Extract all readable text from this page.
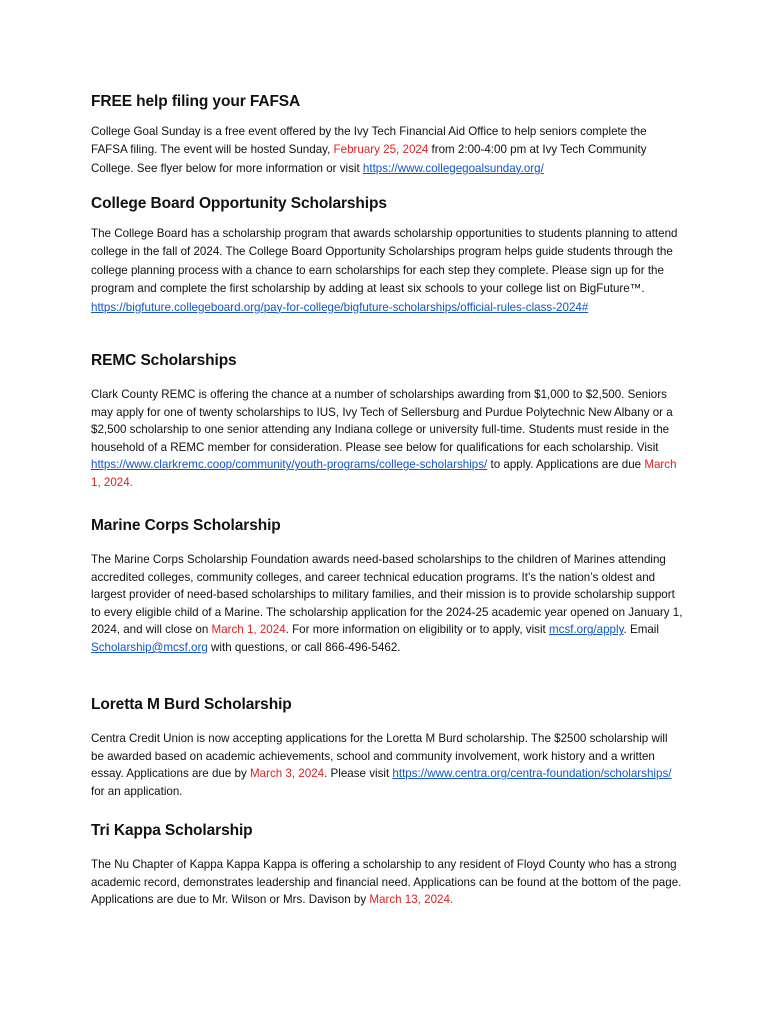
FREE help filing your FAFSA

College Goal Sunday is a free event offered by the Ivy Tech Financial Aid Office to help seniors complete the FAFSA filing. The event will be hosted Sunday, February 25, 2024 from 2:00-4:00 pm at Ivy Tech Community College. See flyer below for more information or visit https://www.collegegoalsunday.org/

College Board Opportunity Scholarships

The College Board has a scholarship program that awards scholarship opportunities to students planning to attend college in the fall of 2024. The College Board Opportunity Scholarships program helps guide students through the college planning process with a chance to earn scholarships for each step they complete. Please sign up for the program and complete the first scholarship by adding at least six schools to your college list on BigFuture™. https://bigfuture.collegeboard.org/pay-for-college/bigfuture-scholarships/official-rules-class-2024#

REMC Scholarships

Clark County REMC is offering the chance at a number of scholarships awarding from $1,000 to $2,500. Seniors may apply for one of twenty scholarships to IUS, Ivy Tech of Sellersburg and Purdue Polytechnic New Albany or a $2,500 scholarship to one senior attending any Indiana college or university full-time. Students must reside in the household of a REMC member for consideration. Please see below for qualifications for each scholarship. Visit https://www.clarkremc.coop/community/youth-programs/college-scholarships/ to apply. Applications are due March 1, 2024.

Marine Corps Scholarship

The Marine Corps Scholarship Foundation awards need-based scholarships to the children of Marines attending accredited colleges, community colleges, and career technical education programs. It’s the nation’s oldest and largest provider of need-based scholarships to military families, and their mission is to provide scholarship support to every eligible child of a Marine. The scholarship application for the 2024-25 academic year opened on January 1, 2024, and will close on March 1, 2024. For more information on eligibility or to apply, visit mcsf.org/apply. Email Scholarship@mcsf.org with questions, or call 866-496-5462.

Loretta M Burd Scholarship

Centra Credit Union is now accepting applications for the Loretta M Burd scholarship. The $2500 scholarship will be awarded based on academic achievements, school and community involvement, work history and a written essay. Applications are due by March 3, 2024. Please visit https://www.centra.org/centra-foundation/scholarships/ for an application.

Tri Kappa Scholarship

The Nu Chapter of Kappa Kappa Kappa is offering a scholarship to any resident of Floyd County who has a strong academic record, demonstrates leadership and financial need. Applications can be found at the bottom of the page. Applications are due to Mr. Wilson or Mrs. Davison by March 13, 2024.
